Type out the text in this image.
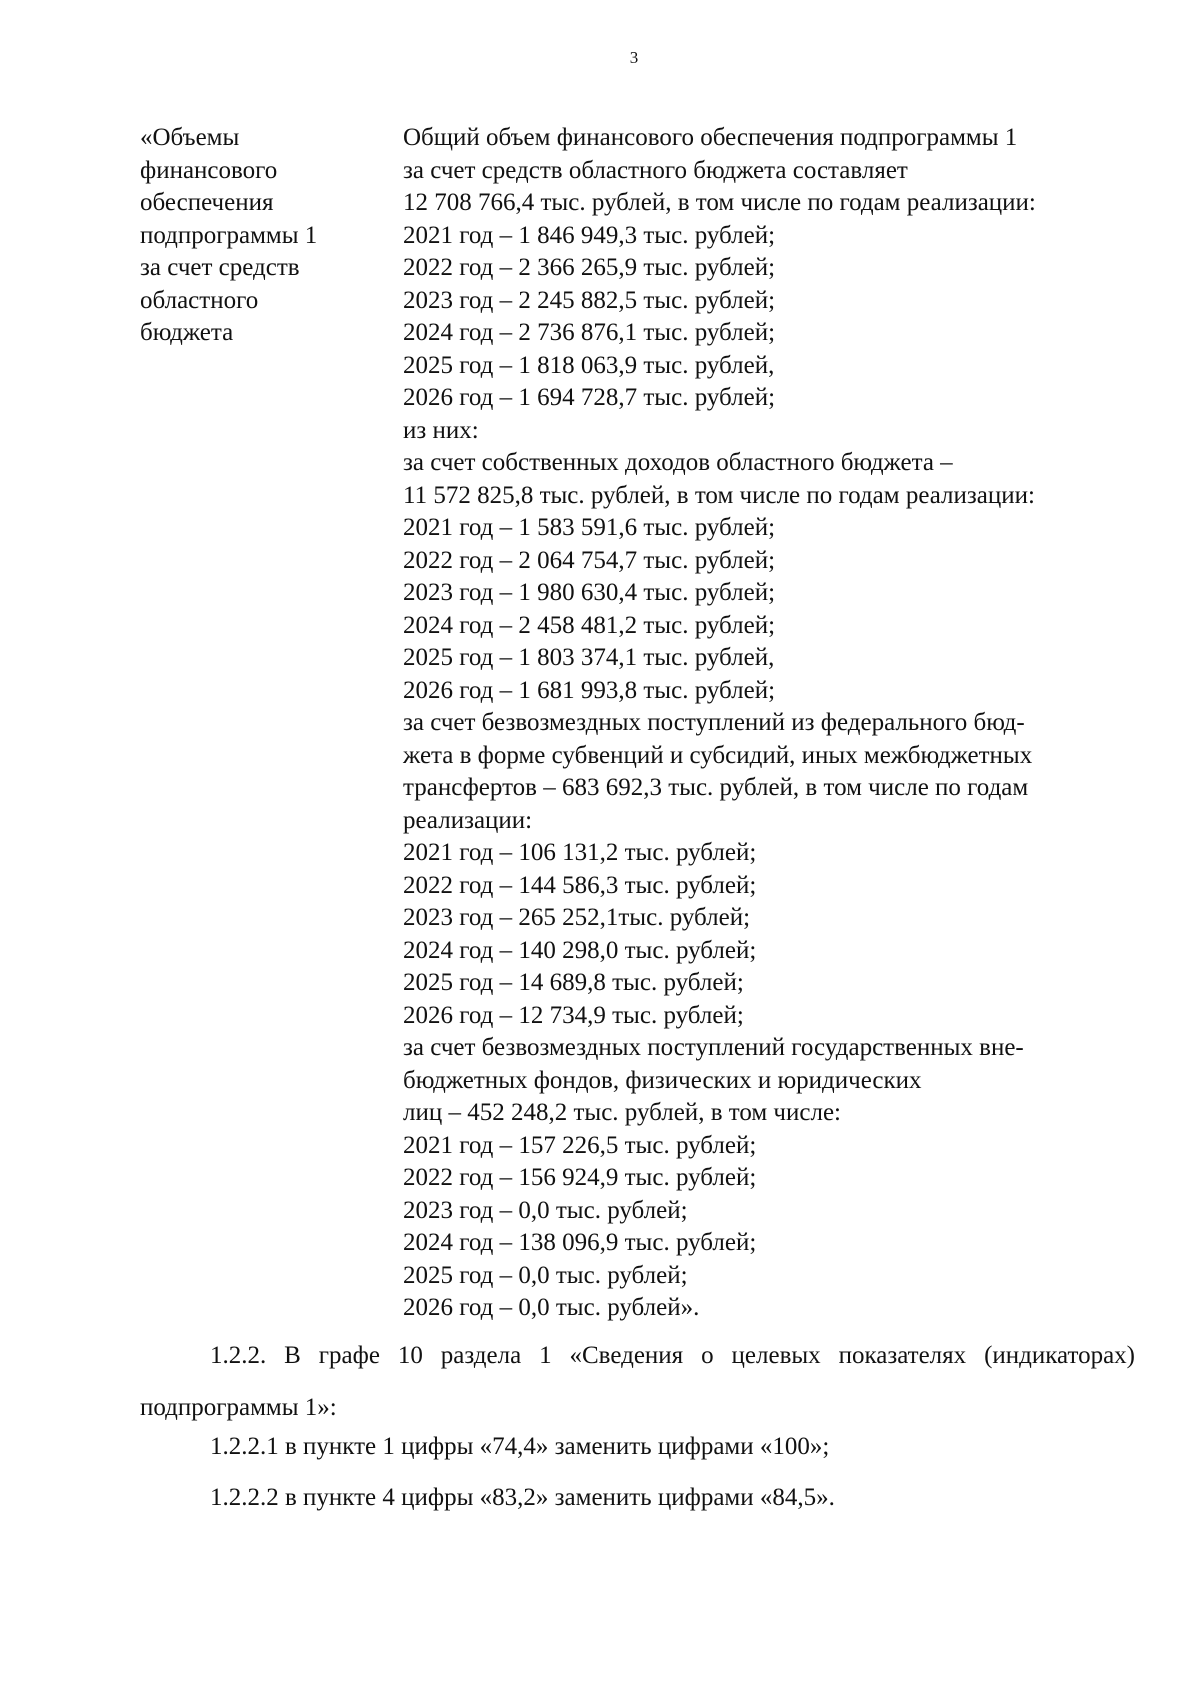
3
«Объемы
финансового
обеспечения
подпрограммы 1
за счет средств
областного
бюджета
Общий объем финансового обеспечения подпрограммы 1
за счет средств областного бюджета составляет
12 708 766,4 тыс. рублей, в том числе по годам реализации:
2021 год – 1 846 949,3 тыс. рублей;
2022 год – 2 366 265,9 тыс. рублей;
2023 год – 2 245 882,5 тыс. рублей;
2024 год – 2 736 876,1 тыс. рублей;
2025 год – 1 818 063,9 тыс. рублей,
2026 год – 1 694 728,7 тыс. рублей;
из них:
за счет собственных доходов областного бюджета –
11 572 825,8 тыс. рублей, в том числе по годам реализации:
2021 год – 1 583 591,6 тыс. рублей;
2022 год – 2 064 754,7 тыс. рублей;
2023 год – 1 980 630,4 тыс. рублей;
2024 год – 2 458 481,2 тыс. рублей;
2025 год – 1 803 374,1 тыс. рублей,
2026 год – 1 681 993,8 тыс. рублей;
за счет безвозмездных поступлений из федерального бюд-
жета в форме субвенций и субсидий, иных межбюджетных
трансфертов – 683 692,3 тыс. рублей, в том числе по годам
реализации:
2021 год – 106 131,2 тыс. рублей;
2022 год – 144 586,3 тыс. рублей;
2023 год – 265 252,1тыс. рублей;
2024 год – 140 298,0 тыс. рублей;
2025 год – 14 689,8 тыс. рублей;
2026 год – 12 734,9 тыс. рублей;
за счет безвозмездных поступлений государственных вне-
бюджетных фондов, физических и юридических
лиц – 452 248,2 тыс. рублей, в том числе:
2021 год – 157 226,5 тыс. рублей;
2022 год – 156 924,9 тыс. рублей;
2023 год – 0,0 тыс. рублей;
2024 год – 138 096,9 тыс. рублей;
2025 год – 0,0 тыс. рублей;
2026 год – 0,0 тыс. рублей».

1.2.2. В графе 10 раздела 1 «Сведения о целевых показателях (индикаторах) подпрограммы 1»:

1.2.2.1 в пункте 1 цифры «74,4» заменить цифрами «100»;

1.2.2.2 в пункте 4 цифры «83,2» заменить цифрами «84,5».
